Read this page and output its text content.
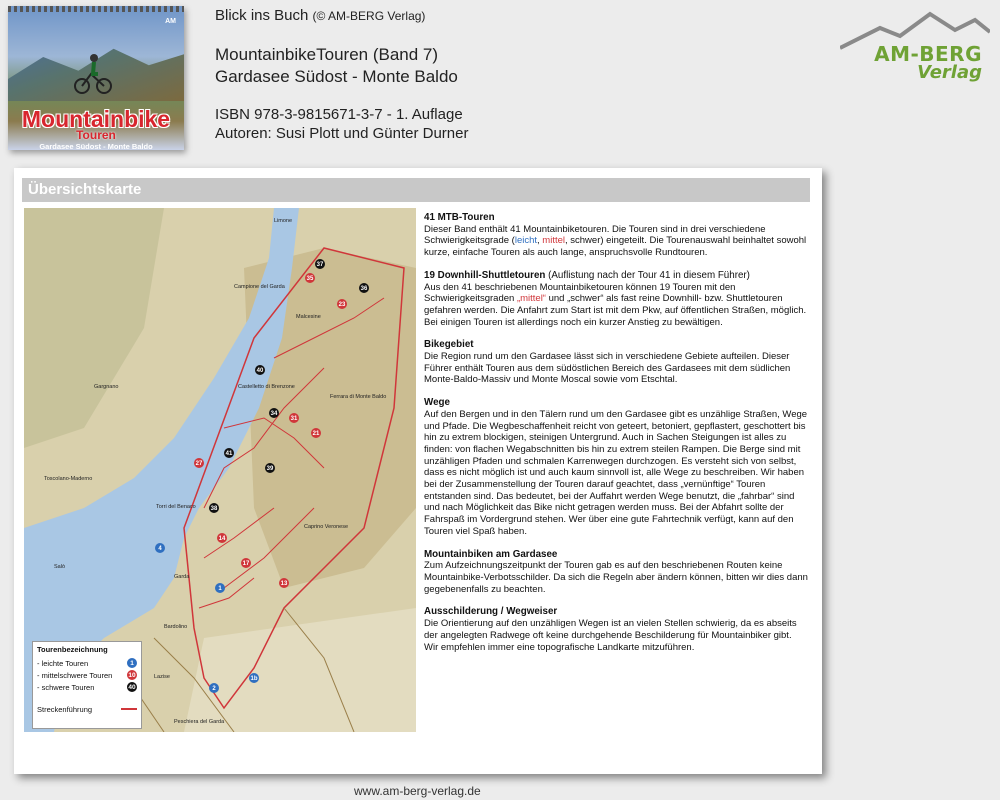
AM
Mountainbike
Touren
Gardasee Südost - Monte Baldo
Blick ins Buch (© AM-BERG Verlag)
MountainbikeTouren (Band 7)
Gardasee Südost - Monte Baldo
ISBN 978-3-9815671-3-7 - 1. Auflage
Autoren: Susi Plott und Günter Durner
AM-BERG
Verlag
Übersichtskarte
37
35
23
36
40
34
31
21
41
39
27
38
14
17
13
4
1
1b
2
Limone
Malcesine
Campione del Garda
Castelletto di Brenzone
Torri del Benaco
Garda
Bardolino
Lazise
Peschiera del Garda
Caprino Veronese
Ferrara di Monte Baldo
Toscolano-Maderno
Gargnano
Salò
Tourenbezeichnung
- leichte Touren	1
- mittelschwere Touren 10
- schwere Touren	40
Streckenführung
41 MTB-Touren

Dieser Band enthält 41 Mountainbiketouren. Die Touren sind in drei verschiedene Schwierigkeitsgrade (leicht, mittel, schwer) eingeteilt. Die Tourenauswahl beinhaltet sowohl kurze, einfache Touren als auch lange, anspruchsvolle Rundtouren.

19 Downhill-Shuttletouren (Auflistung nach der Tour 41 in diesem Führer)

Aus den 41 beschriebenen Mountainbiketouren können 19 Touren mit den Schwierigkeitsgraden „mittel“ und „schwer“ als fast reine Downhill- bzw. Shuttletouren gefahren werden. Die Anfahrt zum Start ist mit dem Pkw, auf öffentlichen Straßen, möglich. Bei einigen Touren ist allerdings noch ein kurzer Anstieg zu bewältigen.

Bikegebiet

Die Region rund um den Gardasee lässt sich in verschiedene Gebiete aufteilen. Dieser Führer enthält Touren aus dem südöstlichen Bereich des Gardasees mit dem südlichen Monte-Baldo-Massiv und Monte Moscal sowie vom Etschtal.

Wege

Auf den Bergen und in den Tälern rund um den Gardasee gibt es unzählige Straßen, Wege und Pfade. Die Wegbeschaffenheit reicht von geteert, betoniert, gepflastert, geschottert bis hin zu extrem blockigen, steinigen Untergrund. Auch in Sachen Steigungen ist alles zu finden: von flachen Wegabschnitten bis hin zu extrem steilen Rampen. Die Berge sind mit unzähligen Pfaden und schmalen Karrenwegen durchzogen. Es versteht sich von selbst, dass es nicht möglich ist und auch kaum sinnvoll ist, alle Wege zu beschreiben. Wir haben bei der Zusammenstellung der Touren darauf geachtet, dass „vernünftige“ Touren entstanden sind. Das bedeutet, bei der Auffahrt werden Wege benutzt, die „fahrbar“ sind und nach Möglichkeit das Bike nicht getragen werden muss. Bei der Abfahrt sollte der Fahrspaß im Vordergrund stehen. Wer über eine gute Fahrtechnik verfügt, kann auf den Touren viel Spaß haben.

Mountainbiken am Gardasee

Zum Aufzeichnungszeitpunkt der Touren gab es auf den beschriebenen Routen keine Mountainbike-Verbotsschilder. Da sich die Regeln aber ändern können, bitten wir dies dann gegebenenfalls zu beachten.

Ausschilderung / Wegweiser

Die Orientierung auf den unzähligen Wegen ist an vielen Stellen schwierig, da es abseits der angelegten Radwege oft keine durchgehende Beschilderung für Mountainbiker gibt. Wir empfehlen immer eine topografische Landkarte mitzuführen.

www.am-berg-verlag.de
